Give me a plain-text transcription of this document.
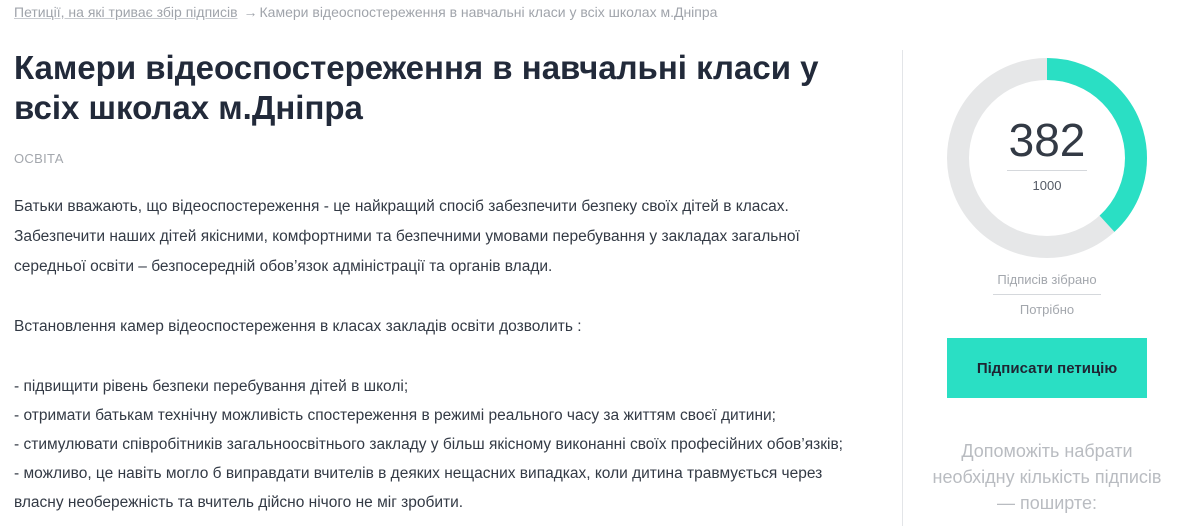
Петиції, на які триває збір підписів → Камери відеоспостереження в навчальні класи у всіх школах м.Дніпра
Камери відеоспостереження в навчальні класи у всіх школах м.Дніпра
ОСВІТА

Батьки вважають, що відеоспостереження - це найкращий спосіб забезпечити безпеку своїх дітей в класах.

Забезпечити наших дітей якісними, комфортними та безпечними умовами перебування у закладах загальної

середньої освіти – безпосередній обов’язок адміністрації та органів влади.

Встановлення камер відеоспостереження в класах закладів освіти дозволить :

- підвищити рівень безпеки перебування дітей в школі;

- отримати батькам технічну можливість спостереження в режимі реального часу за життям своєї дитини;

- стимулювати співробітників загальноосвітнього закладу у більш якісному виконанні своїх професійних обов’язків;

- можливо, це навіть могло б виправдати вчителів в деяких нещасних випадках, коли дитина травмується через

власну необережність та вчитель дійсно нічого не міг зробити.

382
1000
Підписів зібрано
Потрібно
Підписати петицію
Допоможіть набрати необхідну кількість підписів — поширте:
